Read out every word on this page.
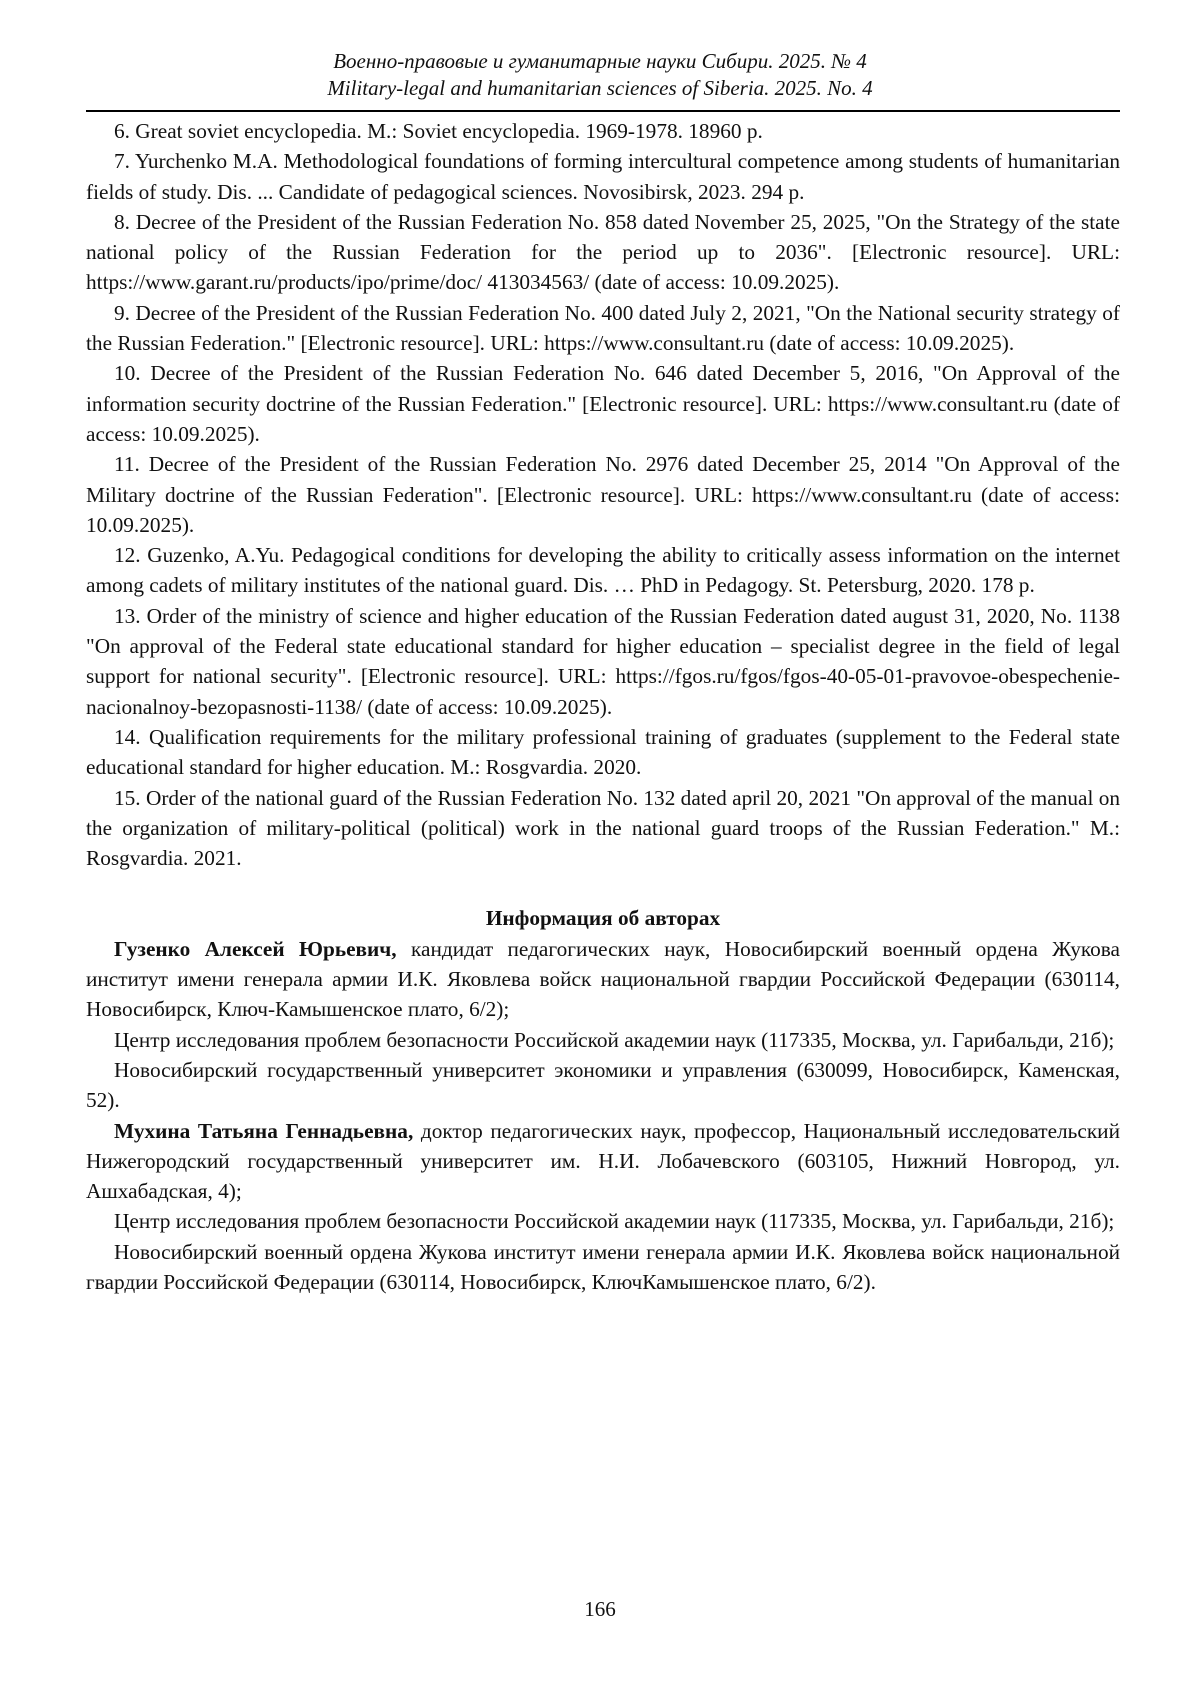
Военно-правовые и гуманитарные науки Сибири. 2025. № 4
Military-legal and humanitarian sciences of Siberia. 2025. No. 4

6. Great soviet encyclopedia. M.: Soviet encyclopedia. 1969-1978. 18960 p.

7. Yurchenko M.A. Methodological foundations of forming intercultural competence among students of humanitarian fields of study. Dis. ... Candidate of pedagogical sciences. Novosibirsk, 2023. 294 p.

8. Decree of the President of the Russian Federation No. 858 dated November 25, 2025, "On the Strategy of the state national policy of the Russian Federation for the period up to 2036". [Electronic resource]. URL: https://www.garant.ru/products/ipo/prime/doc/ 413034563/ (date of access: 10.09.2025).

9. Decree of the President of the Russian Federation No. 400 dated July 2, 2021, "On the National security strategy of the Russian Federation." [Electronic resource]. URL: https://www.consultant.ru (date of access: 10.09.2025).

10. Decree of the President of the Russian Federation No. 646 dated December 5, 2016, "On Approval of the information security doctrine of the Russian Federation." [Electronic resource]. URL: https://www.consultant.ru (date of access: 10.09.2025).

11. Decree of the President of the Russian Federation No. 2976 dated December 25, 2014 "On Approval of the Military doctrine of the Russian Federation". [Electronic resource]. URL: https://www.consultant.ru (date of access: 10.09.2025).

12. Guzenko, A.Yu. Pedagogical conditions for developing the ability to critically assess information on the internet among cadets of military institutes of the national guard. Dis. … PhD in Pedagogy. St. Petersburg, 2020. 178 p.

13. Order of the ministry of science and higher education of the Russian Federation dated august 31, 2020, No. 1138 "On approval of the Federal state educational standard for higher education – specialist degree in the field of legal support for national security". [Electronic resource]. URL: https://fgos.ru/fgos/fgos-40-05-01-pravovoe-obespechenie-nacionalnoy-bezopasnosti-1138/ (date of access: 10.09.2025).

14. Qualification requirements for the military professional training of graduates (supplement to the Federal state educational standard for higher education. M.: Rosgvardia. 2020.

15. Order of the national guard of the Russian Federation No. 132 dated april 20, 2021 "On approval of the manual on the organization of military-political (political) work in the national guard troops of the Russian Federation." M.: Rosgvardia. 2021.

Информация об авторах

Гузенко Алексей Юрьевич, кандидат педагогических наук, Новосибирский военный ордена Жукова институт имени генерала армии И.К. Яковлева войск национальной гвардии Российской Федерации (630114, Новосибирск, Ключ-Камышенское плато, 6/2);

Центр исследования проблем безопасности Российской академии наук (117335, Москва, ул. Гарибальди, 21б);

Новосибирский государственный университет экономики и управления (630099, Новосибирск, Каменская, 52).

Мухина Татьяна Геннадьевна, доктор педагогических наук, профессор, Национальный исследовательский Нижегородский государственный университет им. Н.И. Лобачевского (603105, Нижний Новгород, ул. Ашхабадская, 4);

Центр исследования проблем безопасности Российской академии наук (117335, Москва, ул. Гарибальди, 21б);

Новосибирский военный ордена Жукова институт имени генерала армии И.К. Яковлева войск национальной гвардии Российской Федерации (630114, Новосибирск, КлючКамышенское плато, 6/2).

166
